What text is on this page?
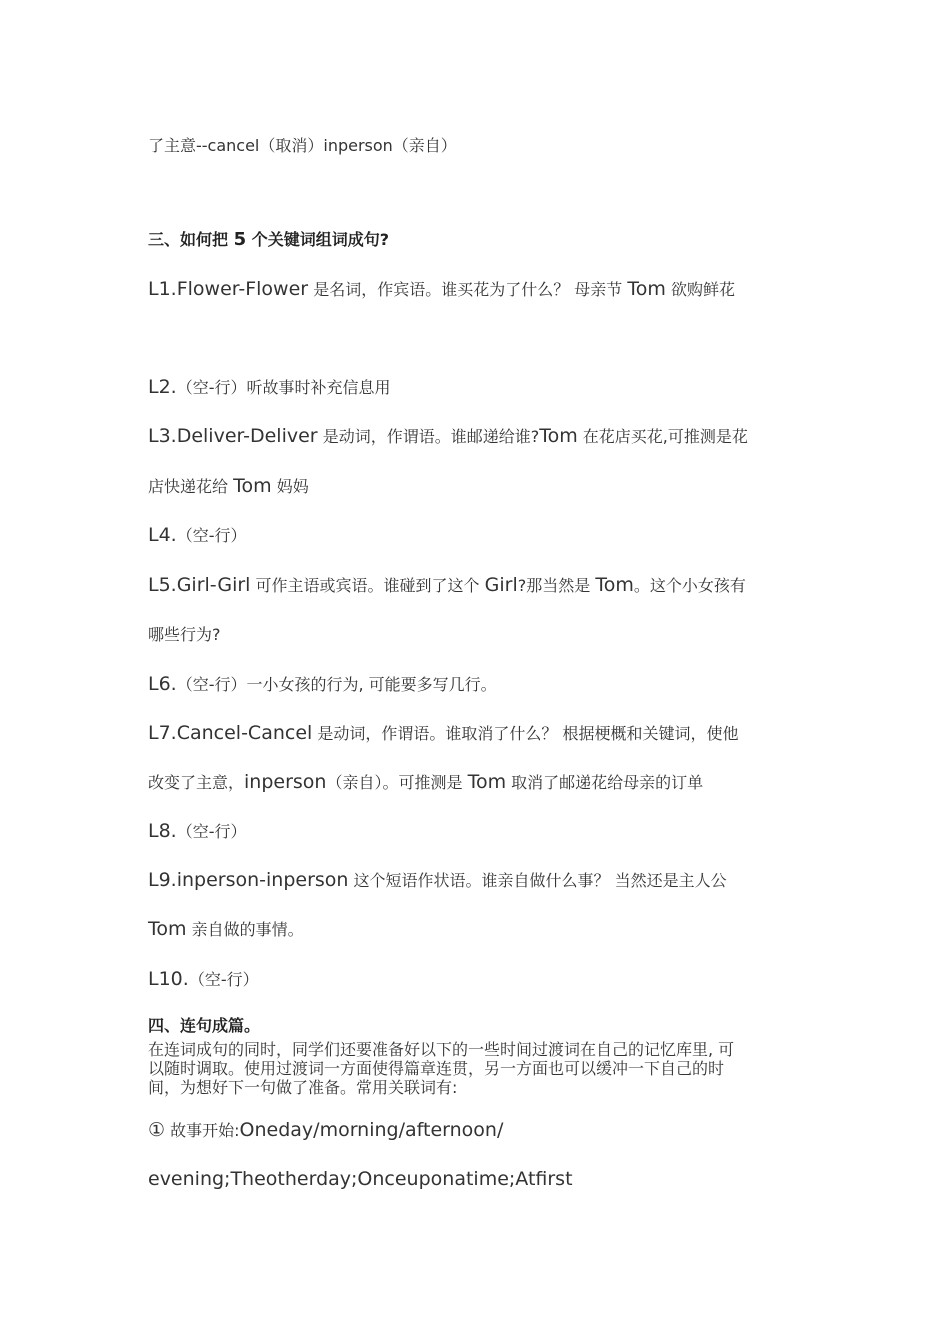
了主意--cancel（取消）inperson（亲自）
三、如何把 5 个关键词组词成句?
L1.Flower-Flower 是名词，作宾语。谁买花为了什么？ 母亲节 Tom 欲购鲜花
L2.（空-行）听故事时补充信息用
L3.Deliver-Deliver 是动词，作谓语。谁邮递给谁?Tom 在花店买花,可推测是花
店快递花给 Tom 妈妈
L4.（空-行）
L5.Girl-Girl 可作主语或宾语。谁碰到了这个 Girl?那当然是 Tom。这个小女孩有
哪些行为?
L6.（空-行）一小女孩的行为, 可能要多写几行。
L7.Cancel-Cancel 是动词，作谓语。谁取消了什么？ 根据梗概和关键词，使他
改变了主意，inperson（亲自）。可推测是 Tom 取消了邮递花给母亲的订单
L8.（空-行）
L9.inperson-inperson 这个短语作状语。谁亲自做什么事？ 当然还是主人公
Tom 亲自做的事情。
L10.（空-行）
四、连句成篇。
在连词成句的同时，同学们还要准备好以下的一些时间过渡词在自己的记忆库里, 可
以随时调取。使用过渡词一方面使得篇章连贯，另一方面也可以缓冲一下自己的时
间，为想好下一句做了准备。常用关联词有:
① 故事开始:Oneday/morning/afternoon/
evening;Theotherday;Onceuponatime;Atfirst
